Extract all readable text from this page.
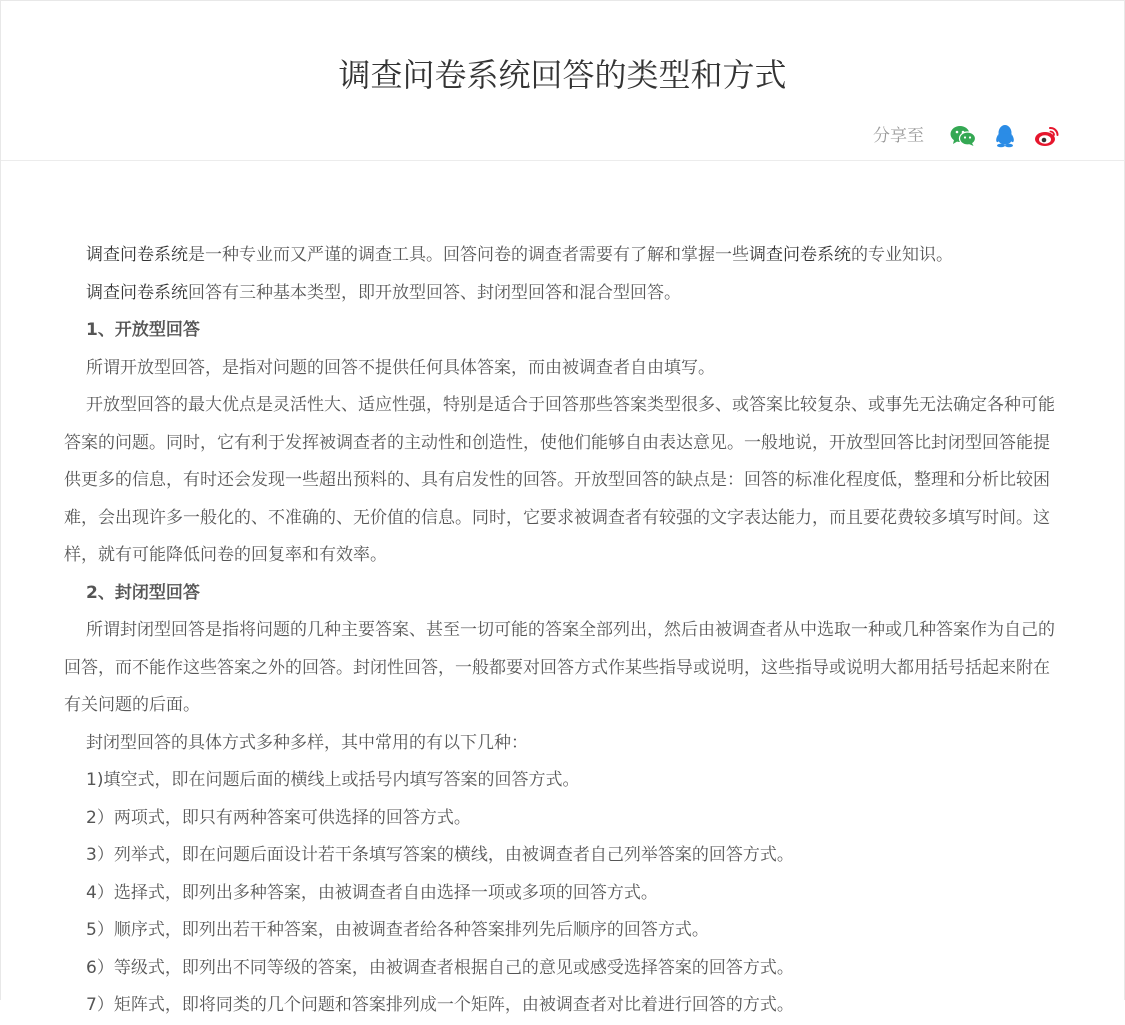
调查问卷系统回答的类型和方式
分享至

调查问卷系统是一种专业而又严谨的调查工具。回答问卷的调查者需要有了解和掌握一些调查问卷系统的专业知识。

调查问卷系统回答有三种基本类型，即开放型回答、封闭型回答和混合型回答。

1、开放型回答

所谓开放型回答，是指对问题的回答不提供任何具体答案，而由被调查者自由填写。

开放型回答的最大优点是灵活性大、适应性强，特别是适合于回答那些答案类型很多、或答案比较复杂、或事先无法确定各种可能答案的问题。同时，它有利于发挥被调查者的主动性和创造性，使他们能够自由表达意见。一般地说，开放型回答比封闭型回答能提供更多的信息，有时还会发现一些超出预料的、具有启发性的回答。开放型回答的缺点是：回答的标准化程度低，整理和分析比较困难，会出现许多一般化的、不准确的、无价值的信息。同时，它要求被调查者有较强的文字表达能力，而且要花费较多填写时间。这样，就有可能降低问卷的回复率和有效率。

2、封闭型回答

所谓封闭型回答是指将问题的几种主要答案、甚至一切可能的答案全部列出，然后由被调查者从中选取一种或几种答案作为自己的回答，而不能作这些答案之外的回答。封闭性回答，一般都要对回答方式作某些指导或说明，这些指导或说明大都用括号括起来附在有关问题的后面。

封闭型回答的具体方式多种多样，其中常用的有以下几种：

1)填空式，即在问题后面的横线上或括号内填写答案的回答方式。

2）两项式，即只有两种答案可供选择的回答方式。

3）列举式，即在问题后面设计若干条填写答案的横线，由被调查者自己列举答案的回答方式。

4）选择式，即列出多种答案，由被调查者自由选择一项或多项的回答方式。

5）顺序式，即列出若干种答案，由被调查者给各种答案排列先后顺序的回答方式。

6）等级式，即列出不同等级的答案，由被调查者根据自己的意见或感受选择答案的回答方式。

7）矩阵式，即将同类的几个问题和答案排列成一个矩阵，由被调查者对比着进行回答的方式。
